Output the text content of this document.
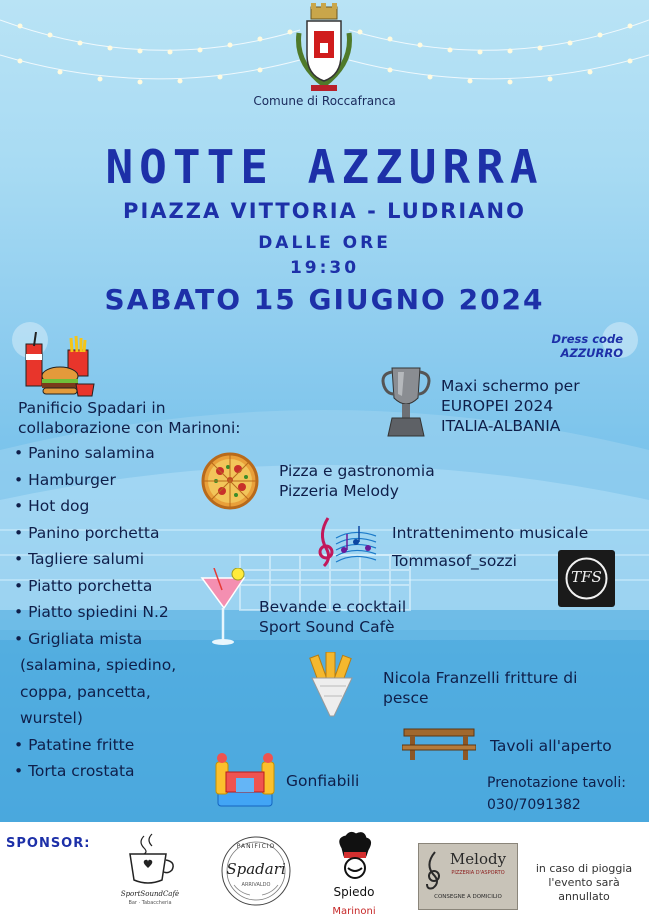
Comune di Roccafranca
NOTTE AZZURRA
PIAZZA VITTORIA - LUDRIANO
DALLE ORE
19:30
SABATO 15 GIUGNO 2024
Dress code
AZZURRO
Panificio Spadari in
collaborazione con Marinoni:
• Panino salamina
• Hamburger
• Hot dog
• Panino porchetta
• Tagliere salumi
• Piatto porchetta
• Piatto spiedini N.2
• Grigliata mista
(salamina, spiedino,
coppa, pancetta,
wurstel)
• Patatine fritte
• Torta crostata
Maxi schermo per
EUROPEI 2024
ITALIA-ALBANIA
Pizza e gastronomia
Pizzeria Melody
Intrattenimento musicale
Tommasof_sozzi
TFS
Bevande e cocktail
Sport Sound Cafè
Nicola Franzelli fritture di
pesce
Tavoli all'aperto
Gonfiabili	Prenotazione tavoli:
030/7091382
SPONSOR:
SportSoundCafè
Bar · Tabaccheria
PANIFICIO
Spadari
ARRIVALDO	Spiedo
Marinoni
Melody
PIZZERIA D'ASPORTO
CONSEGNE A DOMICILIO
in caso di pioggia
l'evento sarà
annullato
